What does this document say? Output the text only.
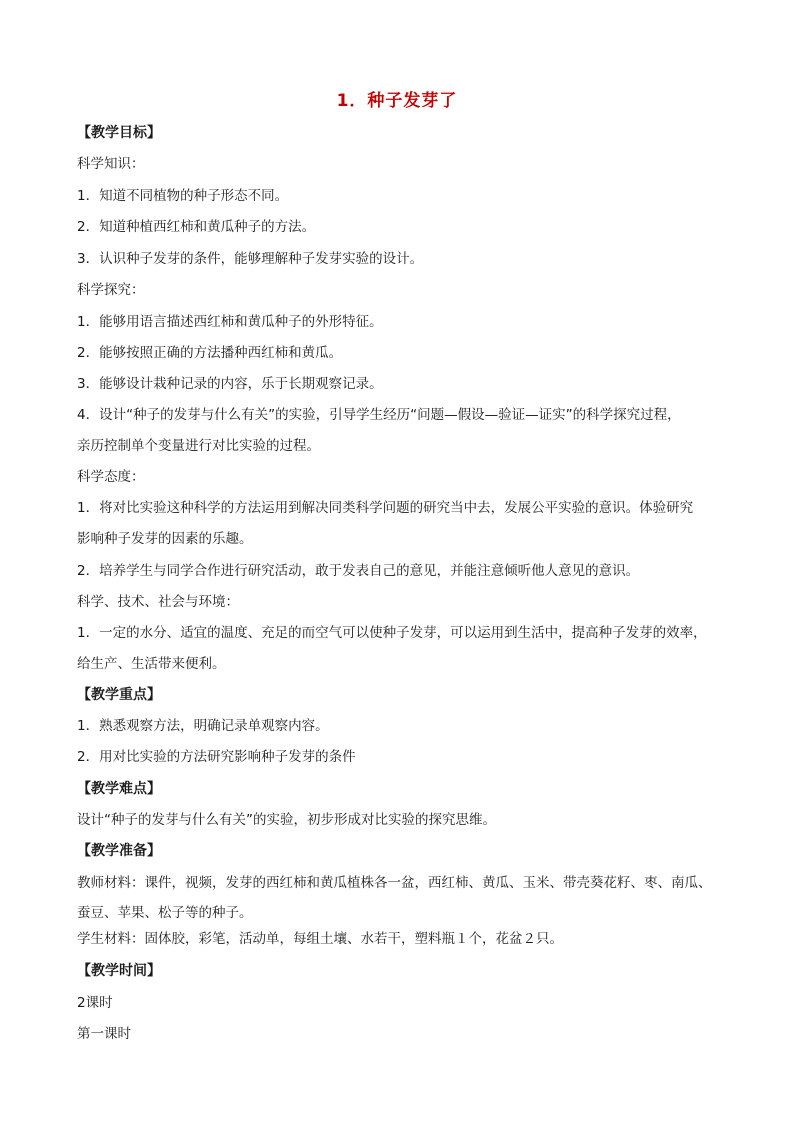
1．种子发芽了
【教学目标】
科学知识：
1．知道不同植物的种子形态不同。
2．知道种植西红柿和黄瓜种子的方法。
3．认识种子发芽的条件，能够理解种子发芽实验的设计。
科学探究：
1．能够用语言描述西红柿和黄瓜种子的外形特征。
2．能够按照正确的方法播种西红柿和黄瓜。
3．能够设计栽种记录的内容，乐于长期观察记录。
4．设计“种子的发芽与什么有关”的实验，引导学生经历“问题—假设—验证—证实”的科学探究过程，
亲历控制单个变量进行对比实验的过程。
科学态度：
1．将对比实验这种科学的方法运用到解决同类科学问题的研究当中去，发展公平实验的意识。体验研究
影响种子发芽的因素的乐趣。
2．培养学生与同学合作进行研究活动，敢于发表自己的意见，并能注意倾听他人意见的意识。
科学、技术、社会与环境：
1．一定的水分、适宜的温度、充足的而空气可以使种子发芽，可以运用到生活中，提高种子发芽的效率，
给生产、生活带来便利。
【教学重点】
1．熟悉观察方法，明确记录单观察内容。
2．用对比实验的方法研究影响种子发芽的条件
【教学难点】
设计“种子的发芽与什么有关”的实验，初步形成对比实验的探究思维。
【教学准备】
教师材料：课件，视频，发芽的西红柿和黄瓜植株各一盆，西红柿、黄瓜、玉米、带壳葵花籽、枣、南瓜、
蚕豆、苹果、松子等的种子。
学生材料：固体胶，彩笔，活动单，每组土壤、水若干，塑料瓶１个，花盆２只。
【教学时间】
2课时
第一课时
